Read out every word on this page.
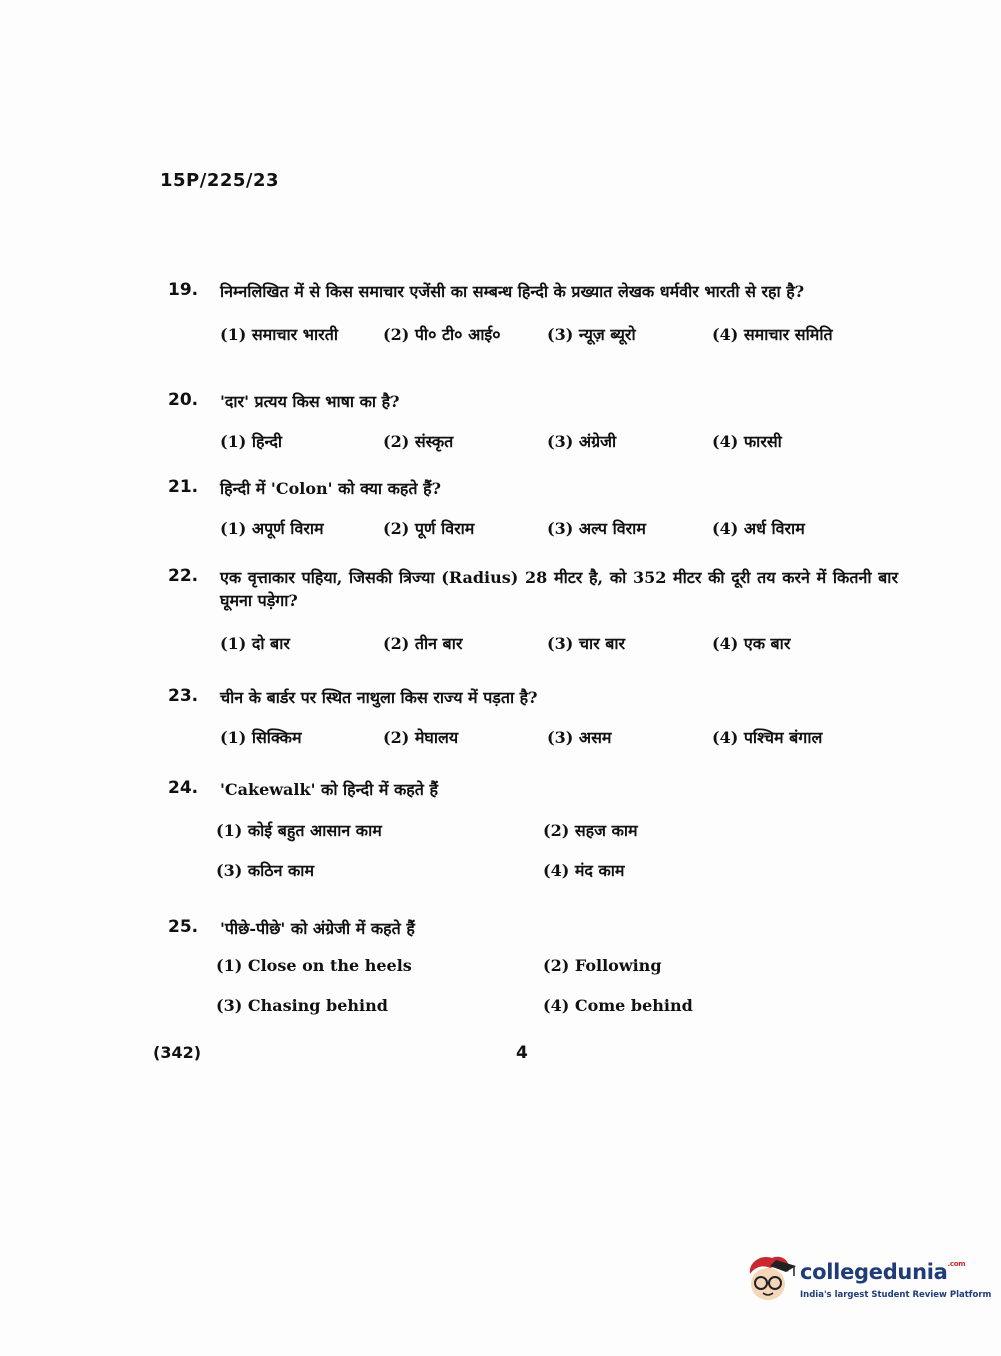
15P/225/23
19. निम्नलिखित में से किस समाचार एजेंसी का सम्बन्ध हिन्दी के प्रख्यात लेखक धर्मवीर भारती से रहा है?
(1) समाचार भारती	(2) पी० टी० आई०	(3) न्यूज़ ब्यूरो	(4) समाचार समिति
20. 'दार' प्रत्यय किस भाषा का है?
(1) हिन्दी	(2) संस्कृत	(3) अंग्रेजी	(4) फारसी
21. हिन्दी में 'Colon' को क्या कहते हैं?
(1) अपूर्ण विराम	(2) पूर्ण विराम	(3) अल्प विराम	(4) अर्ध विराम
22. एक वृत्ताकार पहिया, जिसकी त्रिज्या (Radius) 28 मीटर है, को 352 मीटर की दूरी तय करने में कितनी बार घूमना पड़ेगा?
(1) दो बार	(2) तीन बार	(3) चार बार	(4) एक बार
23. चीन के बार्डर पर स्थित नाथुला किस राज्य में पड़ता है?
(1) सिक्किम	(2) मेघालय	(3) असम	(4) पश्चिम बंगाल
24. 'Cakewalk' को हिन्दी में कहते हैं
(1) कोई बहुत आसान काम	(2) सहज काम
(3) कठिन काम	(4) मंद काम
25. 'पीछे-पीछे' को अंग्रेजी में कहते हैं
(1) Close on the heels	(2) Following
(3) Chasing behind	(4) Come behind
(342)	4
collegedunia$^{.com}$
India's largest Student Review Platform
